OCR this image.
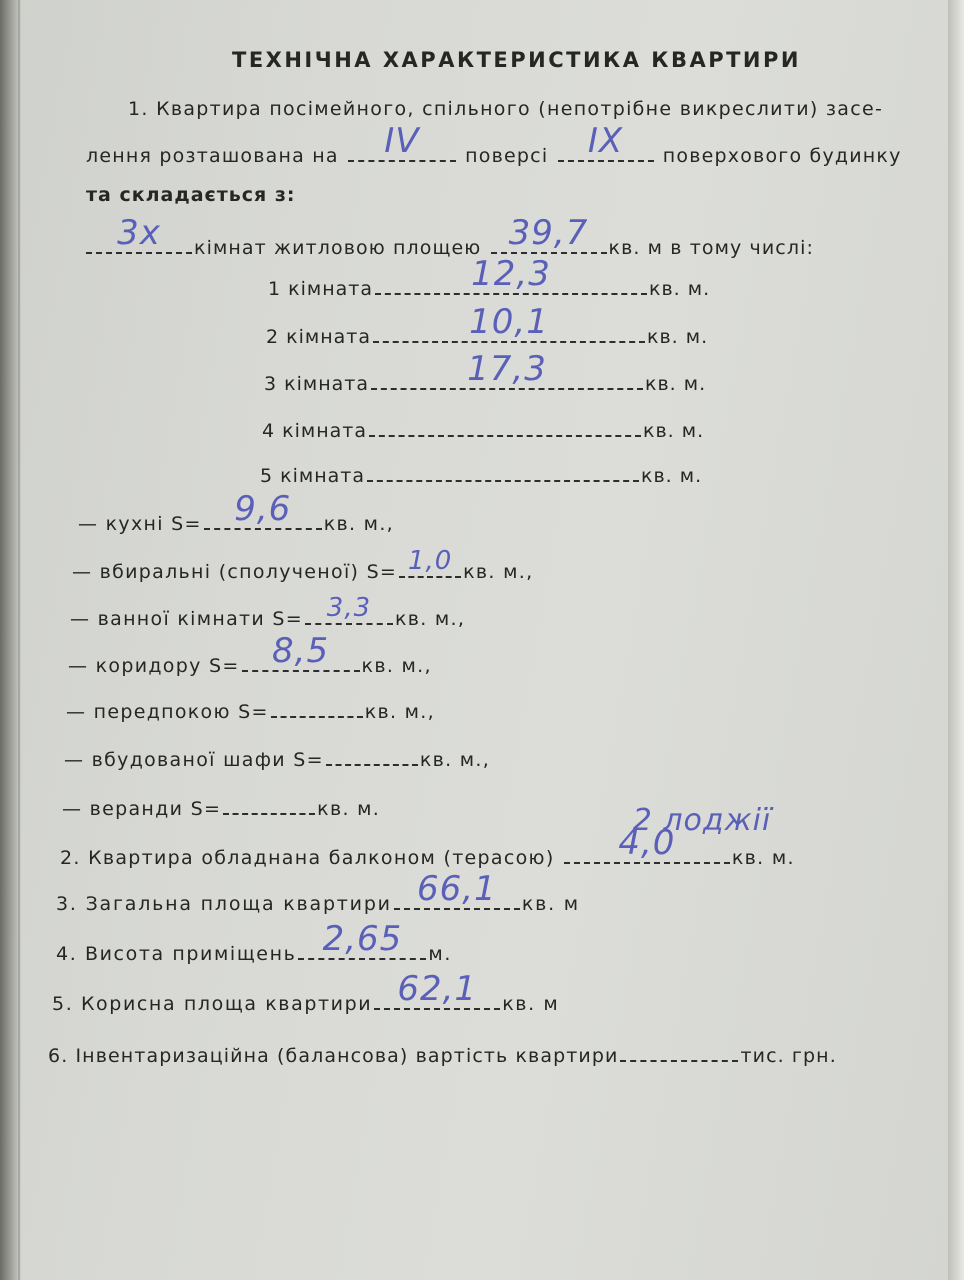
ТЕХНІЧНА ХАРАКТЕРИСТИКА КВАРТИРИ
1. Квартира посімейного, спільного (непотрібне викреслити) засе-
лення розташована на	IV	поверсі	IX	поверхового будинку
та складається з:
3х	кімнат житловою площею 39,7	кв. м в тому числі:
1 кімната	12,3	кв. м.
2 кімната	10,1	кв. м.
3 кімната	17,3	кв. м.
4 кімната	кв. м.
5 кімната	кв. м.
— кухні S= 9,6	кв. м.,
— вбиральні (сполученої) S= 1,0 кв. м.,
— ванної кімнати S= 3,3	кв. м.,
— коридору S= 8,5	кв. м.,
— передпокою S=	кв. м.,
— вбудованої шафи S=	кв. м.,
— веранди S=	кв. м.	2 лоджії
2. Квартира обладнана балконом (терасою)	4,0	кв. м.
3. Загальна площа квартири 66,1	кв. м
4. Висота приміщень 2,65	м.
5. Корисна площа квартири 62,1	кв. м
6. Інвентаризаційна (балансова) вартість квартири	тис. грн.
